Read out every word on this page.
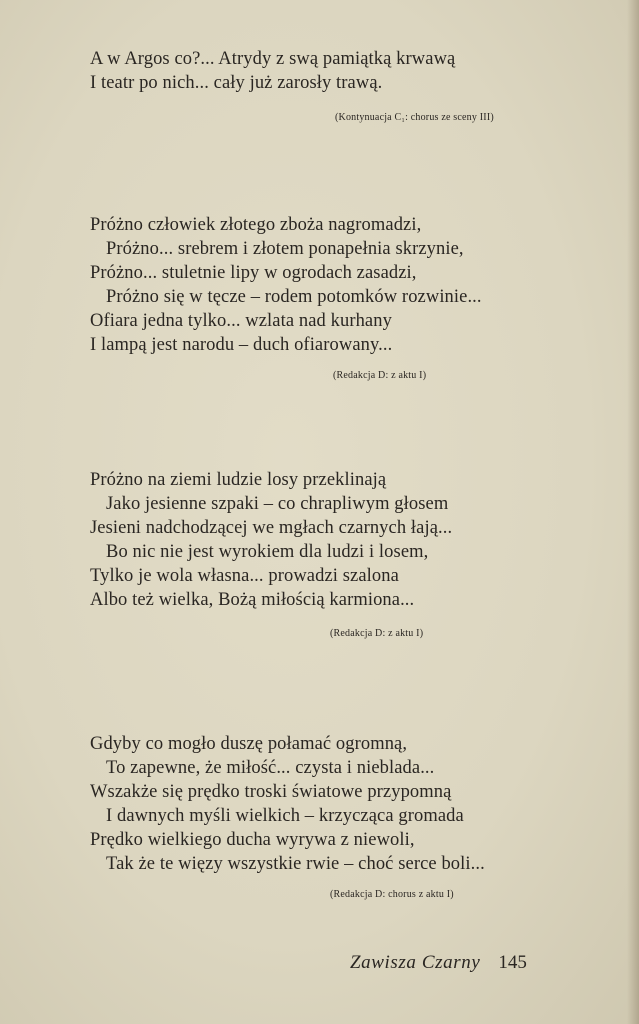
A w Argos co?... Atrydy z swą pamiątką krwawą
I teatr po nich... cały już zarosły trawą.
(Kontynuacja C₁: chorus ze sceny III)
Próżno człowiek złotego zboża nagromadzi,
Próżno... srebrem i złotem ponapełnia skrzynie,
Próżno... stuletnie lipy w ogrodach zasadzi,
Próżno się w tęcze – rodem potomków rozwinie...
Ofiara jedna tylko... wzlata nad kurhany
I lampą jest narodu – duch ofiarowany...
(Redakcja D: z aktu I)
Próżno na ziemi ludzie losy przeklinają
Jako jesienne szpaki – co chrapliwym głosem
Jesieni nadchodzącej we mgłach czarnych łają...
Bo nic nie jest wyrokiem dla ludzi i losem,
Tylko je wola własna... prowadzi szalona
Albo też wielka, Bożą miłością karmiona...
(Redakcja D: z aktu I)
Gdyby co mogło duszę połamać ogromną,
To zapewne, że miłość... czysta i nieblada...
Wszakże się prędko troski światowe przypomną
I dawnych myśli wielkich – krzycząca gromada
Prędko wielkiego ducha wyrywa z niewoli,
Tak że te więzy wszystkie rwie – choć serce boli...
(Redakcja D: chorus z aktu I)
Zawisza Czarny 145
